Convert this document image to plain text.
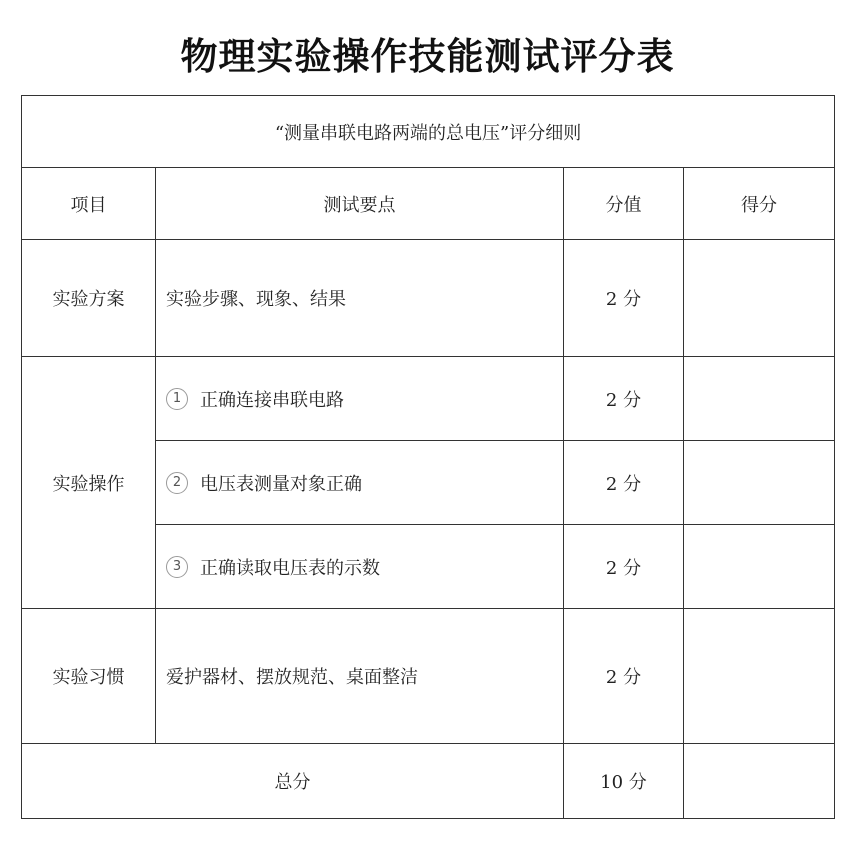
物理实验操作技能测试评分表
“测量串联电路两端的总电压”评分细则			
项目	测试要点	分值	得分
实验方案	实验步骤、现象、结果	2 分	
实验操作	1 正确连接串联电路	2 分	
	2 电压表测量对象正确	2 分	
	3 正确读取电压表的示数	2 分	
实验习惯	爱护器材、摆放规范、桌面整洁	2 分	
总分		10 分	
